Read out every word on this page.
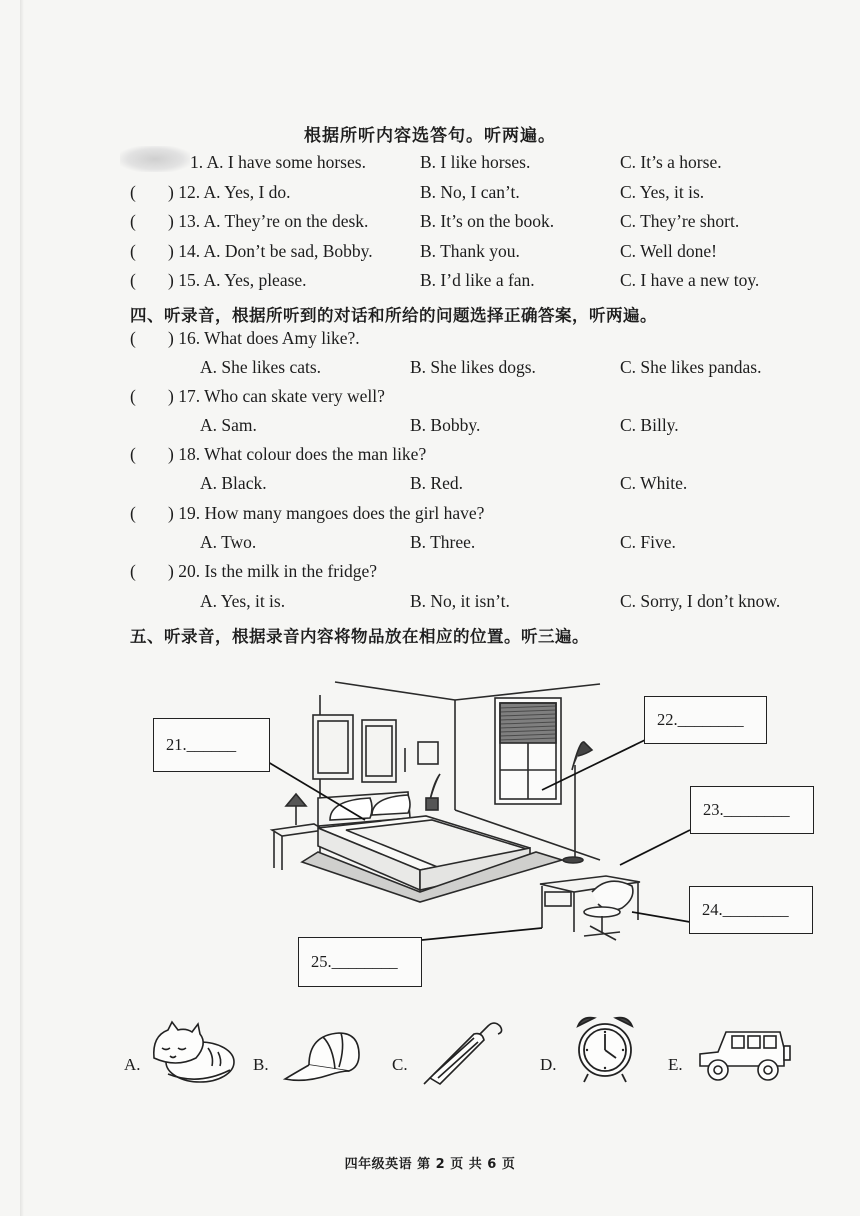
根据所听内容选答句。听两遍。
1. A. I have some horses.	B. I like horses.	C. It’s a horse.
( ) 12. A. Yes, I do.	B. No, I can’t.	C. Yes, it is.
( ) 13. A. They’re on the desk.	B. It’s on the book.	C. They’re short.
( ) 14. A. Don’t be sad, Bobby.	B. Thank you.	C. Well done!
( ) 15. A. Yes, please.	B. I’d like a fan.	C. I have a new toy.
四、听录音，根据所听到的对话和所给的问题选择正确答案，听两遍。
( ) 16. What does Amy like?.
A. She likes cats.	B. She likes dogs.	C. She likes pandas.
( ) 17. Who can skate very well?
A. Sam.	B. Bobby.	C. Billy.
( ) 18. What colour does the man like?
A. Black.	B. Red.	C. White.
( ) 19. How many mangoes does the girl have?
A. Two.	B. Three.	C. Five.
( ) 20. Is the milk in the fridge?
A. Yes, it is.	B. No, it isn’t.	C. Sorry, I don’t know.
五、听录音，根据录音内容将物品放在相应的位置。听三遍。
21.______
22.________
23.________
24.________
25.________
A.	B.	C.	D.	E.
四年级英语 第 2 页 共 6 页
